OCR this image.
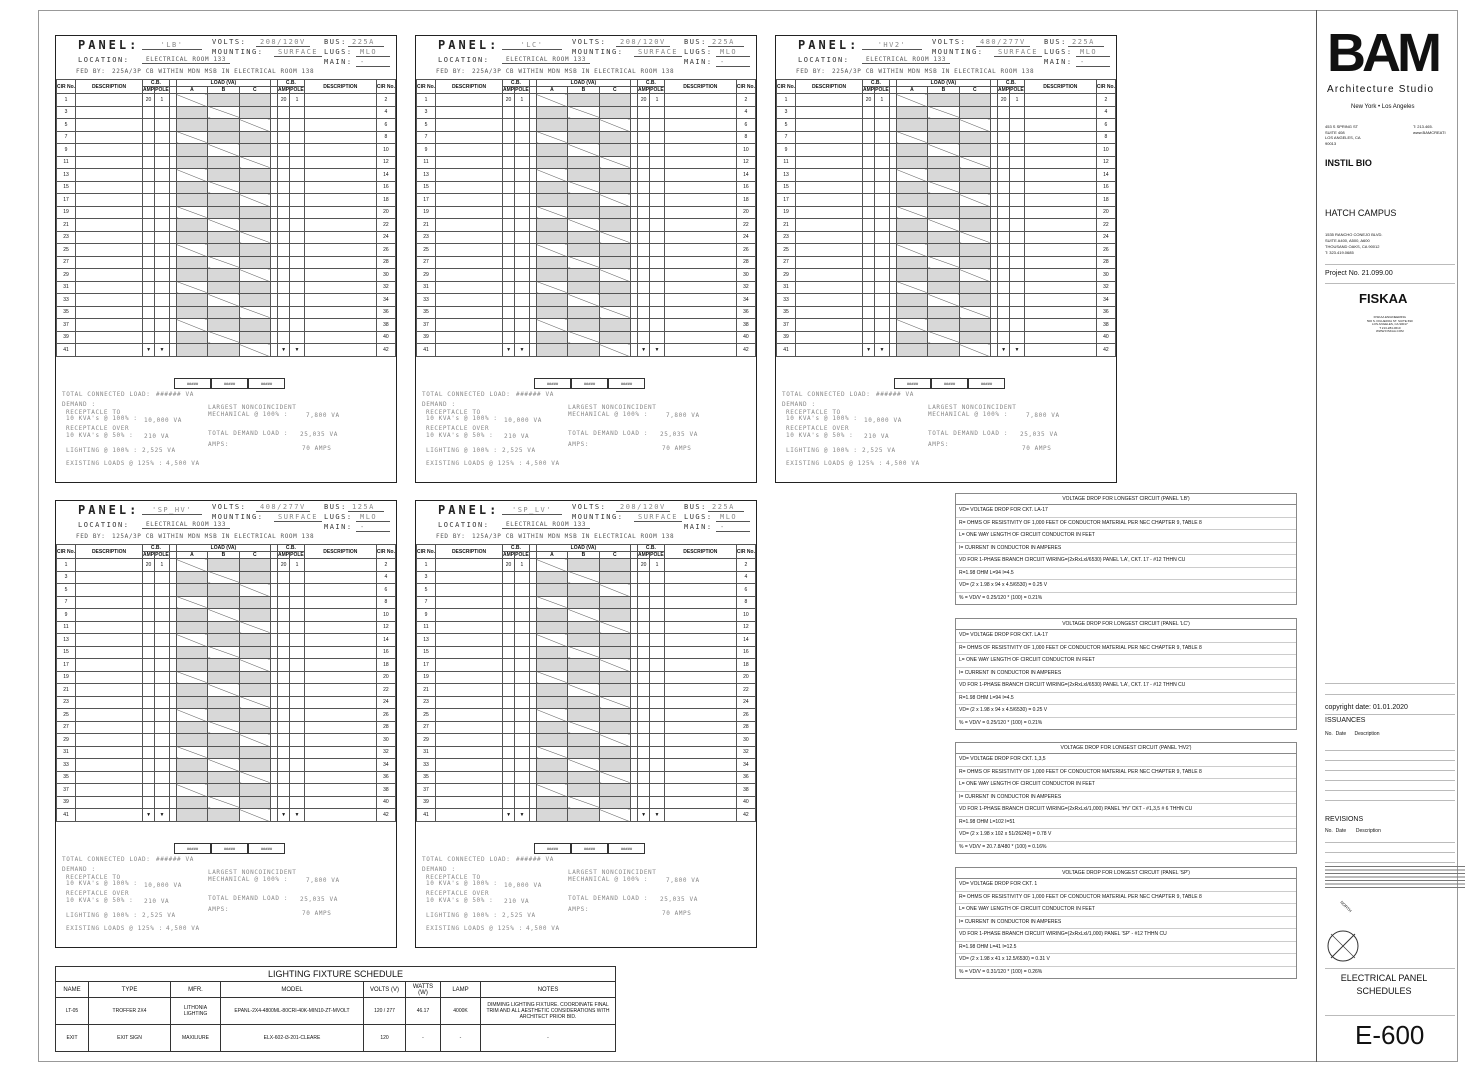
PANEL:	'LB'	VOLTS:	208/120V	BUS: 225A
LOCATION:	ELECTRICAL ROOM 133
MOUNTING:	SURFACE LUGS:	MLO
MAIN:	-
FED BY: 225A/3P CB WITHIN MDN MSB IN ELECTRICAL ROOM 138
CIR No.	DESCRIPTION	C.B.			LOAD (VA)				C.B.		DESCRIPTION	CIR No.
		AMP	POLE		A	B	C		AMP	POLE		
1		20	1						20	1		2
3												4
5												6
7												8
9												10
11												12
13												14
15												16
17												18
19												20
21												22
23												24
25												26
27												28
29												30
31												32
33												34
35												36
37												38
39												40
41		▼	▼						▼	▼		42
#####	#####	#####
TOTAL CONNECTED LOAD: ###### VA
DEMAND :
RECEPTACLE TO
10 KVA's @ 100% : 10,000 VA
RECEPTACLE OVER
10 KVA's @ 50% : 210 VA
LIGHTING @ 100% : 2,525 VA
EXISTING LOADS @ 125% : 4,500 VA
LARGEST NONCOINCIDENT
MECHANICAL @ 100% :	7,800 VA
TOTAL DEMAND LOAD : 25,035 VA
AMPS:
70 AMPS
PANEL:	'LC'	VOLTS:	208/120V	BUS: 225A
LOCATION:	ELECTRICAL ROOM 133
MOUNTING:	SURFACE LUGS:	MLO
MAIN:	-
FED BY: 225A/3P CB WITHIN MDN MSB IN ELECTRICAL ROOM 138
CIR No.	DESCRIPTION	C.B.			LOAD (VA)				C.B.		DESCRIPTION	CIR No.
		AMP	POLE		A	B	C		AMP	POLE		
1		20	1						20	1		2
3												4
5												6
7												8
9												10
11												12
13												14
15												16
17												18
19												20
21												22
23												24
25												26
27												28
29												30
31												32
33												34
35												36
37												38
39												40
41		▼	▼						▼	▼		42
#####	#####	#####
TOTAL CONNECTED LOAD: ###### VA
DEMAND :
RECEPTACLE TO
10 KVA's @ 100% : 10,000 VA
RECEPTACLE OVER
10 KVA's @ 50% : 210 VA
LIGHTING @ 100% : 2,525 VA
EXISTING LOADS @ 125% : 4,500 VA
LARGEST NONCOINCIDENT
MECHANICAL @ 100% :	7,800 VA
TOTAL DEMAND LOAD : 25,035 VA
AMPS:
70 AMPS
PANEL:	'HV2'	VOLTS:	480/277V	BUS: 225A
LOCATION:	ELECTRICAL ROOM 133
MOUNTING:	SURFACE LUGS:	MLO
MAIN:	-
FED BY: 225A/3P CB WITHIN MDN MSB IN ELECTRICAL ROOM 138
CIR No.	DESCRIPTION	C.B.			LOAD (VA)				C.B.		DESCRIPTION	CIR No.
		AMP	POLE		A	B	C		AMP	POLE		
1		20	1						20	1		2
3												4
5												6
7												8
9												10
11												12
13												14
15												16
17												18
19												20
21												22
23												24
25												26
27												28
29												30
31												32
33												34
35												36
37												38
39												40
41		▼	▼						▼	▼		42
#####	#####	#####
TOTAL CONNECTED LOAD: ###### VA
DEMAND :
RECEPTACLE TO
10 KVA's @ 100% : 10,000 VA
RECEPTACLE OVER
10 KVA's @ 50% : 210 VA
LIGHTING @ 100% : 2,525 VA
EXISTING LOADS @ 125% : 4,500 VA
LARGEST NONCOINCIDENT
MECHANICAL @ 100% :	7,800 VA
TOTAL DEMAND LOAD : 25,035 VA
AMPS:
70 AMPS
PANEL:	'SP_HV'	VOLTS:	408/277V	BUS: 125A
LOCATION:	ELECTRICAL ROOM 133
MOUNTING:	SURFACE LUGS:	MLO
MAIN:	-
FED BY: 125A/3P CB WITHIN MDN MSB IN ELECTRICAL ROOM 138
CIR No.	DESCRIPTION	C.B.			LOAD (VA)				C.B.		DESCRIPTION	CIR No.
		AMP	POLE		A	B	C		AMP	POLE		
1		20	1						20	1		2
3												4
5												6
7												8
9												10
11												12
13												14
15												16
17												18
19												20
21												22
23												24
25												26
27												28
29												30
31												32
33												34
35												36
37												38
39												40
41		▼	▼						▼	▼		42
#####	#####	#####
TOTAL CONNECTED LOAD: ###### VA
DEMAND :
RECEPTACLE TO
10 KVA's @ 100% : 10,000 VA
RECEPTACLE OVER
10 KVA's @ 50% : 210 VA
LIGHTING @ 100% : 2,525 VA
EXISTING LOADS @ 125% : 4,500 VA
LARGEST NONCOINCIDENT
MECHANICAL @ 100% :	7,800 VA
TOTAL DEMAND LOAD : 25,035 VA
AMPS:
70 AMPS
PANEL:	'SP_LV'	VOLTS:	208/120V	BUS: 225A
LOCATION:	ELECTRICAL ROOM 133
MOUNTING:	SURFACE LUGS:	MLO
MAIN:	-
FED BY: 125A/3P CB WITHIN MDN MSB IN ELECTRICAL ROOM 138
CIR No.	DESCRIPTION	C.B.			LOAD (VA)				C.B.		DESCRIPTION	CIR No.
		AMP	POLE		A	B	C		AMP	POLE		
1		20	1						20	1		2
3												4
5												6
7												8
9												10
11												12
13												14
15												16
17												18
19												20
21												22
23												24
25												26
27												28
29												30
31												32
33												34
35												36
37												38
39												40
41		▼	▼						▼	▼		42
#####	#####	#####
TOTAL CONNECTED LOAD: ###### VA
DEMAND :
RECEPTACLE TO
10 KVA's @ 100% : 10,000 VA
RECEPTACLE OVER
10 KVA's @ 50% : 210 VA
LIGHTING @ 100% : 2,525 VA
EXISTING LOADS @ 125% : 4,500 VA
LARGEST NONCOINCIDENT
MECHANICAL @ 100% :	7,800 VA
TOTAL DEMAND LOAD : 25,035 VA
AMPS:
70 AMPS
VOLTAGE DROP FOR LONGEST CIRCUIT (PANEL 'LB')
VD= VOLTAGE DROP FOR CKT. LA-17
R= OHMS OF RESISTIVITY OF 1,000 FEET OF CONDUCTOR MATERIAL PER NEC CHAPTER 9, TABLE 8
L= ONE WAY LENGTH OF CIRCUIT CONDUCTOR IN FEET
I= CURRENT IN CONDUCTOR IN AMPERES
VD FOR 1-PHASE BRANCH CIRCUIT WIRING=(2xRxLxI/6530) PANEL 'LA', CKT. 17 - #12 THHN CU
R=1.98 OHM L=94 I=4.5
VD= (2 x 1.98 x 94 x 4.5/6530) = 0.25 V
% = VD/V = 0.25/120 * (100) = 0.21%
VOLTAGE DROP FOR LONGEST CIRCUIT (PANEL 'LC')
VD= VOLTAGE DROP FOR CKT. LA-17
R= OHMS OF RESISTIVITY OF 1,000 FEET OF CONDUCTOR MATERIAL PER NEC CHAPTER 9, TABLE 8
L= ONE WAY LENGTH OF CIRCUIT CONDUCTOR IN FEET
I= CURRENT IN CONDUCTOR IN AMPERES
VD FOR 1-PHASE BRANCH CIRCUIT WIRING=(2xRxLxI/6530) PANEL 'LA', CKT. 17 - #12 THHN CU
R=1.98 OHM L=94 I=4.5
VD= (2 x 1.98 x 94 x 4.5/6530) = 0.25 V
% = VD/V = 0.25/120 * (100) = 0.21%
VOLTAGE DROP FOR LONGEST CIRCUIT (PANEL 'HV2')
VD= VOLTAGE DROP FOR CKT. 1,3,5
R= OHMS OF RESISTIVITY OF 1,000 FEET OF CONDUCTOR MATERIAL PER NEC CHAPTER 9, TABLE 8
L= ONE WAY LENGTH OF CIRCUIT CONDUCTOR IN FEET
I= CURRENT IN CONDUCTOR IN AMPERES
VD FOR 1-PHASE BRANCH CIRCUIT WIRING=(2xRxLxI/1,000) PANEL 'HV' CKT - #1,3,5 # 6 THHN CU
R=1.98 OHM L=102 I=51
VD= (2 x 1.98 x 102 x 51/26240) = 0.78 V
% = VD/V = 20.7.8/480 * (100) = 0.16%
VOLTAGE DROP FOR LONGEST CIRCUIT (PANEL 'SP')
VD= VOLTAGE DROP FOR CKT. 1
R= OHMS OF RESISTIVITY OF 1,000 FEET OF CONDUCTOR MATERIAL PER NEC CHAPTER 9, TABLE 8
L= ONE WAY LENGTH OF CIRCUIT CONDUCTOR IN FEET
I= CURRENT IN CONDUCTOR IN AMPERES
VD FOR 1-PHASE BRANCH CIRCUIT WIRING=(2xRxLxI/1,000) PANEL 'SP' - #12 THHN CU
R=1.98 OHM L=41 I=12.5
VD= (2 x 1.98 x 41 x 12.5/6530) = 0.31 V
% = VD/V = 0.31/120 * (100) = 0.26%
LIGHTING FIXTURE SCHEDULE							
NAME	TYPE	MFR.	MODEL	VOLTS (V)	WATTS (W)	LAMP	NOTES
LT-05	TROFFER 2X4	LITHONIA LIGHTING	EPANL-2X4-4800ML-80CRI-40K-MIN10-ZT-MVOLT	120 / 277	46.17	4000K	DIMMING LIGHTING FIXTURE. COORDINATE FINAL TRIM AND ALL AESTHETIC CONSIDERATIONS WITH ARCHITECT PRIOR BID.
EXIT	EXIT SIGN	MAXILIURE	ELX-602-i3-201-CLEARE	120	-	-	-
BAM
Architecture Studio
New York • Los Angeles
453 S SPRING ST
SUITE 408
LOS ANGELES, CA
90013
T: 213.465.
www.BAMCREATI
INSTIL BIO
HATCH CAMPUS
1535 RANCHO CONEJO BLVD.
SUITE A400, A500, A600
THOUSAND OAKS, CA 90012
T: 323.419.0685
Project No. 21.099.00
FISKAA
FISKAA ENGINEERING
500 S. FIGUEROA ST. SUITE 690
LOS ANGELES, CA 90017
T 213-284-0610
WWW.FISKAA.COM
copyright date: 01.01.2020
ISSUANCES
No. Date Description
REVISIONS
No. Date Description
NORTH
ELECTRICAL PANEL SCHEDULES
E-600
